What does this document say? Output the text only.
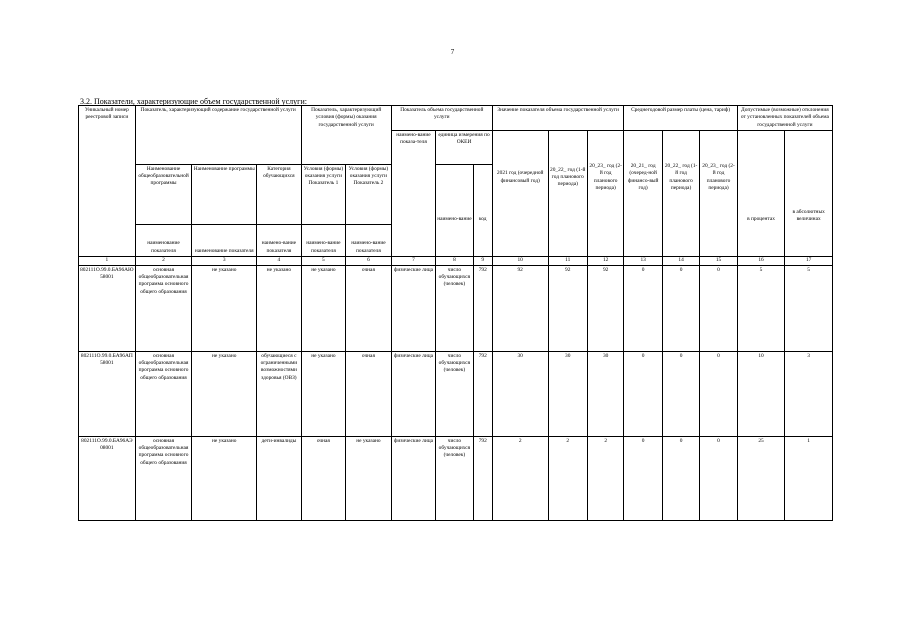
7
3.2. Показатели, характеризующие объем государственной услуги:
Уникальный номер реестровой записи	Показатель, характеризующий содержание государственной услуги			Показатель, характеризующий условия (формы) оказания государственной услуги		Показатель объема государственной услуги			Значение показателя объема государственной услуги			Среднегодовой размер платы (цена, тариф)			Допустимые (возможные) отклонения от установленных показателей объема государственной услуги	
						наимено-вание показа-теля	единица измерения по ОКЕИ		2021 год (очередной финансовый год)	20_22_ год (1-й год планового периода)	20_23_ год (2-й год планового периода)	20_21_ год (очеред-ной финансо-вый год)	20_22_ год (1-й год планового периода)	20_23_ год (2-й год планового периода)	в процентах	в абсолютных величинах
	Наименование общеобразовательной программы	Наименование программы	Категория обучающихся	Условия (формы) оказания услуги Показатель 1	Условия (формы) оказания услуги Показатель 2		наимено-вание	код								
	наименование показателя	наименование показателя	наимено-вание показателя	наимено-вание показателя	наимено-вание показателя											
1	2	3	4	5	6	7	8	9	10	11	12	13	14	15	16	17
802111О.99.0.БА96АЮ58001	основная общеобразовательная программа основного общего образования	не указано	не указано	не указано	очная	физические лица	число обучающихся (человек)	792	92	92	92	0	0	0	5	5
802111О.99.0.БА96АП58001	основная общеобразовательная программа основного общего образования	не указано	обучающиеся с ограниченными возможностями здоровья (ОВЗ)	не указано	очная	физические лица	число обучающихся (человек)	792	30	30	30	0	0	0	10	3
802111О.99.0.БА96АЭ08001	основная общеобразовательная программа основного общего образования	не указано	дети-инвалиды	очная	не указано	физические лица	число обучающихся (человек)	792	2	2	2	0	0	0	25	1
